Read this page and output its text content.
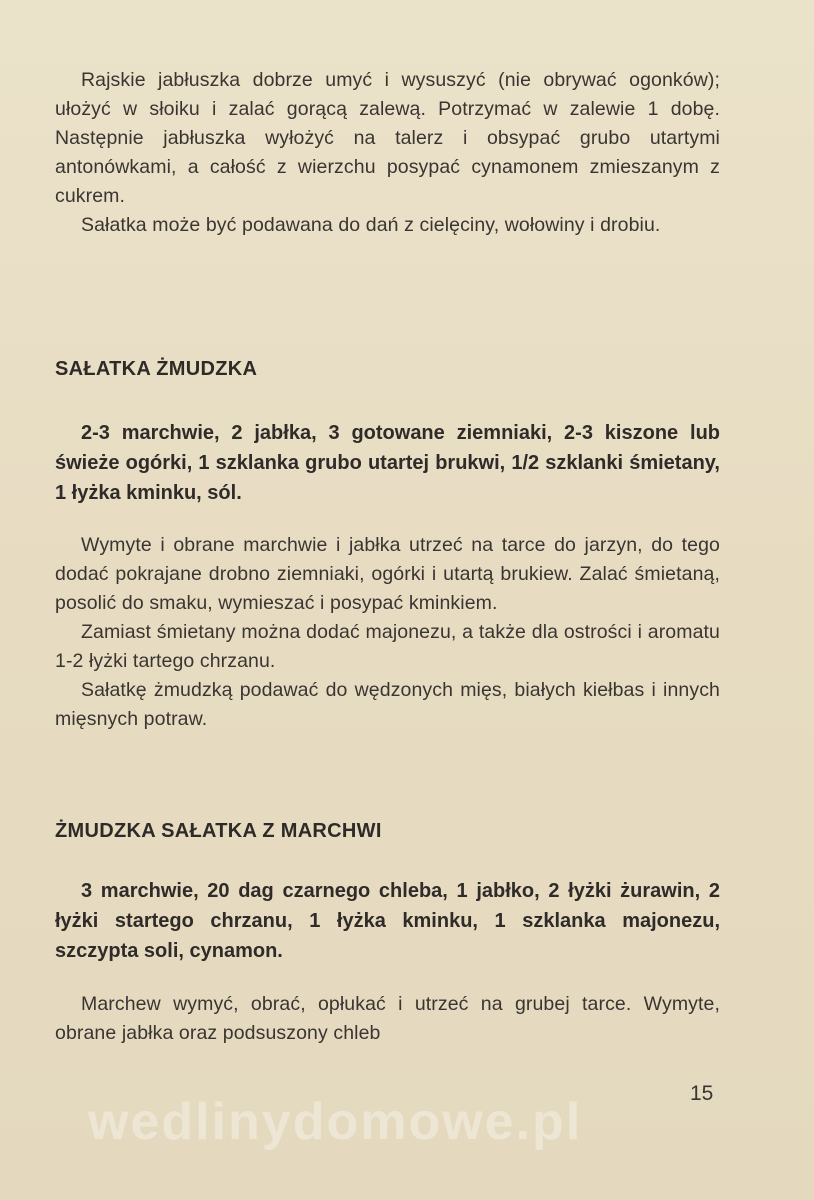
Rajskie jabłuszka dobrze umyć i wysuszyć (nie obrywać ogonków); ułożyć w słoiku i zalać gorącą zalewą. Potrzymać w zalewie 1 dobę. Następnie jabłuszka wyłożyć na talerz i obsypać grubo utartymi antonówkami, a całość z wierzchu posypać cynamonem zmieszanym z cukrem.

Sałatka może być podawana do dań z cielęciny, wołowiny i drobiu.

SAŁATKA ŻMUDZKA

2-3 marchwie, 2 jabłka, 3 gotowane ziemniaki, 2-3 kiszone lub świeże ogórki, 1 szklanka grubo utartej brukwi, 1/2 szklanki śmietany, 1 łyżka kminku, sól.

Wymyte i obrane marchwie i jabłka utrzeć na tarce do jarzyn, do tego dodać pokrajane drobno ziemniaki, ogórki i utartą brukiew. Zalać śmietaną, posolić do smaku, wymieszać i posypać kminkiem.

Zamiast śmietany można dodać majonezu, a także dla ostrości i aromatu 1-2 łyżki tartego chrzanu.

Sałatkę żmudzką podawać do wędzonych mięs, białych kiełbas i innych mięsnych potraw.

ŻMUDZKA SAŁATKA Z MARCHWI

3 marchwie, 20 dag czarnego chleba, 1 jabłko, 2 łyżki żurawin, 2 łyżki startego chrzanu, 1 łyżka kminku, 1 szklanka majonezu, szczypta soli, cynamon.

Marchew wymyć, obrać, opłukać i utrzeć na grubej tarce. Wymyte, obrane jabłka oraz podsuszony chleb

wedlinydomowe.pl	15
